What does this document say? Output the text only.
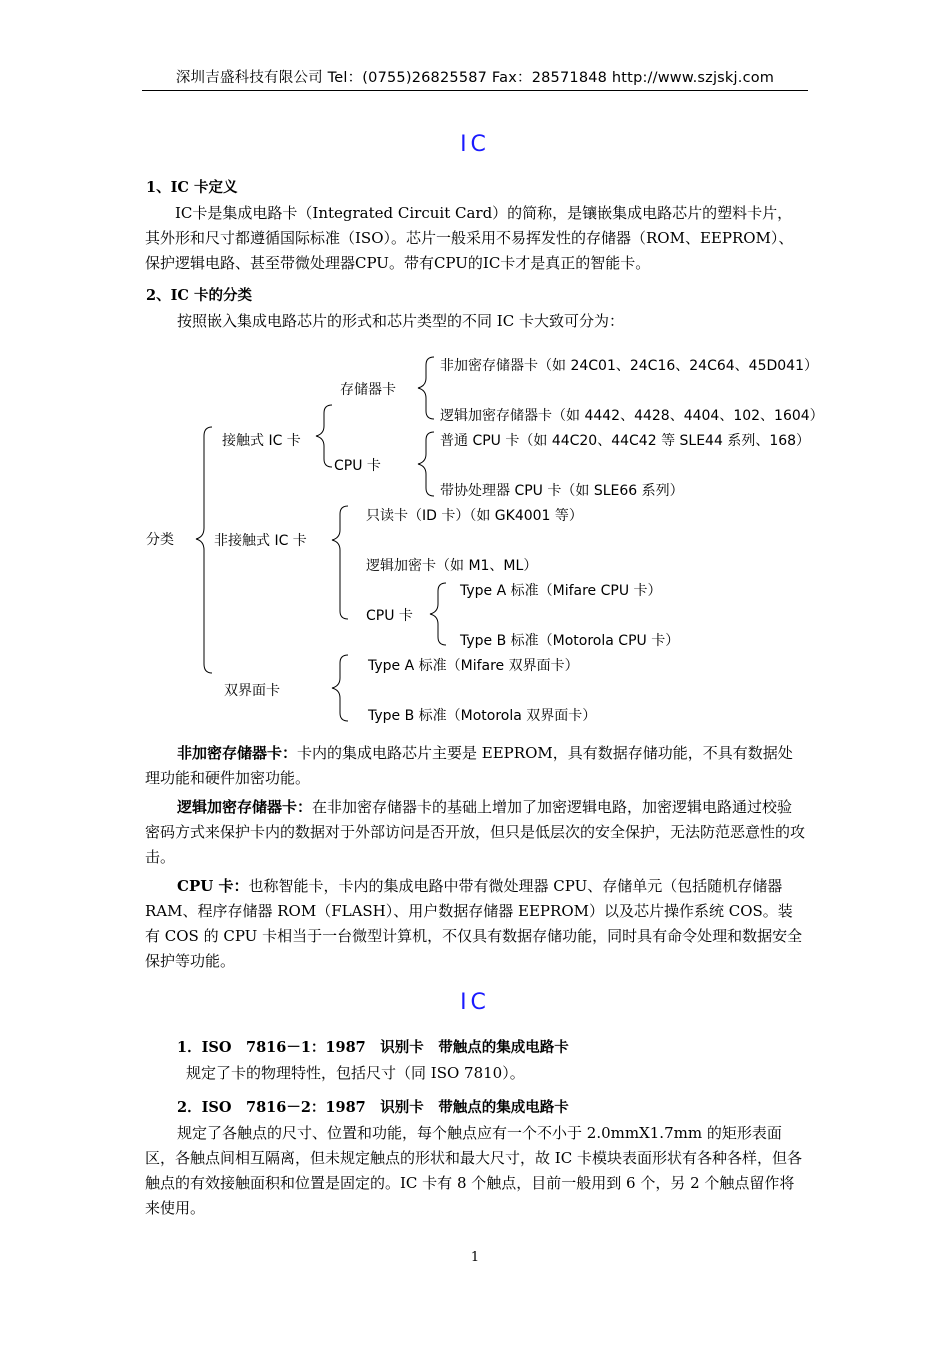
深圳吉盛科技有限公司 Tel：(0755)26825587 Fax：28571848 http://www.szjskj.com
IC
1、IC 卡定义
IC卡是集成电路卡（Integrated Circuit Card）的简称，是镶嵌集成电路芯片的塑料卡片，其外形和尺寸都遵循国际标准（ISO）。芯片一般采用不易挥发性的存储器（ROM、EEPROM）、保护逻辑电路、甚至带微处理器CPU。带有CPU的IC卡才是真正的智能卡。
2、IC 卡的分类
按照嵌入集成电路芯片的形式和芯片类型的不同 IC 卡大致可分为：
分类
接触式 IC 卡
存储器卡
非加密存储器卡（如 24C01、24C16、24C64、45D041）
逻辑加密存储器卡（如 4442、4428、4404、102、1604）
CPU 卡
普通 CPU 卡（如 44C20、44C42 等 SLE44 系列、168）
带协处理器 CPU 卡（如 SLE66 系列）
非接触式 IC 卡
只读卡（ID 卡）（如 GK4001 等）
逻辑加密卡（如 M1、ML）
CPU 卡
Type A 标准（Mifare CPU 卡）
Type B 标准（Motorola CPU 卡）
双界面卡
Type A 标准（Mifare 双界面卡）
Type B 标准（Motorola 双界面卡）
非加密存储器卡：卡内的集成电路芯片主要是 EEPROM，具有数据存储功能，不具有数据处理功能和硬件加密功能。
逻辑加密存储器卡：在非加密存储器卡的基础上增加了加密逻辑电路，加密逻辑电路通过校验密码方式来保护卡内的数据对于外部访问是否开放，但只是低层次的安全保护，无法防范恶意性的攻击。
CPU 卡：也称智能卡，卡内的集成电路中带有微处理器 CPU、存储单元（包括随机存储器 RAM、程序存储器 ROM（FLASH）、用户数据存储器 EEPROM）以及芯片操作系统 COS。装有 COS 的 CPU 卡相当于一台微型计算机，不仅具有数据存储功能，同时具有命令处理和数据安全保护等功能。
IC
1．ISO　7816－1：1987　识别卡　带触点的集成电路卡
规定了卡的物理特性，包括尺寸（同 ISO 7810）。
2．ISO　7816－2：1987　识别卡　带触点的集成电路卡
规定了各触点的尺寸、位置和功能，每个触点应有一个不小于 2.0mmX1.7mm 的矩形表面区，各触点间相互隔离，但未规定触点的形状和最大尺寸，故 IC 卡模块表面形状有各种各样，但各触点的有效接触面积和位置是固定的。IC 卡有 8 个触点，目前一般用到 6 个，另 2 个触点留作将来使用。
1
